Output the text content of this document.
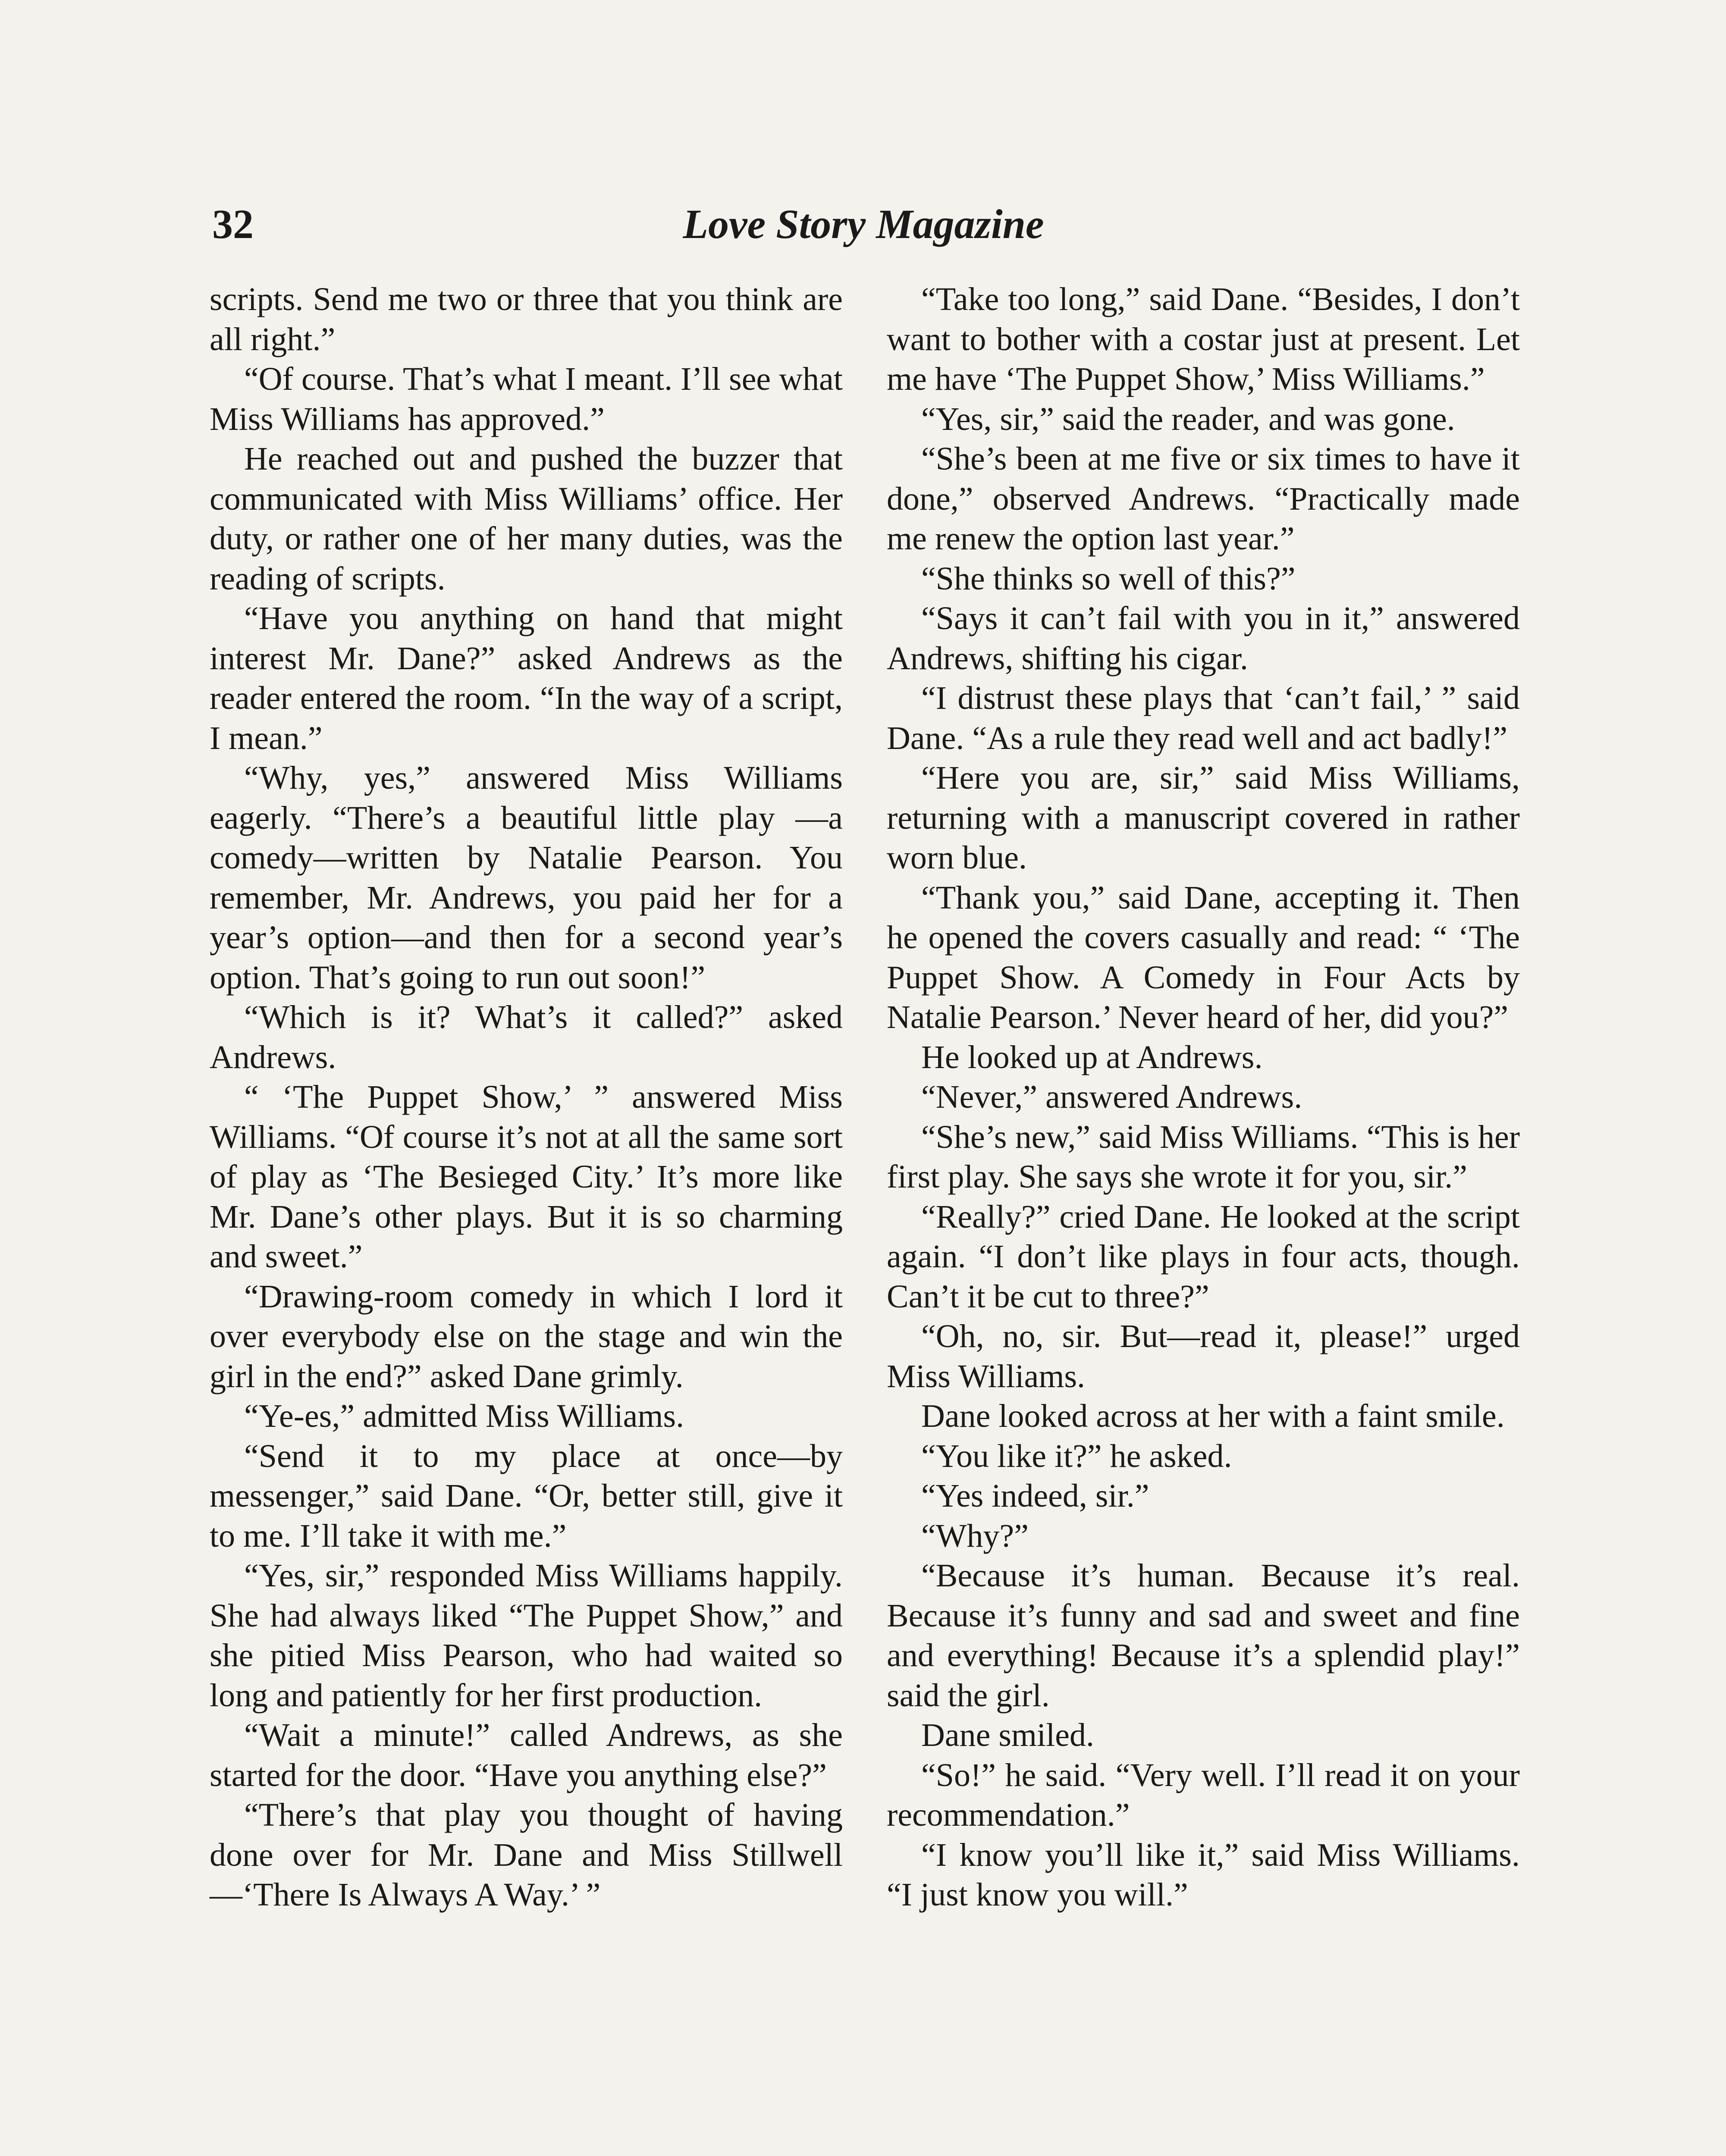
32	Love Story Magazine

scripts. Send me two or three that you think are all right.”

“Of course. That’s what I meant. I’ll see what Miss Williams has approved.”

He reached out and pushed the buzzer that communicated with Miss Williams’ office. Her duty, or rather one of her many duties, was the reading of scripts.

“Have you anything on hand that might interest Mr. Dane?” asked Andrews as the reader entered the room. “In the way of a script, I mean.”

“Why, yes,” answered Miss Williams eagerly. “There’s a beautiful little play —a comedy—written by Natalie Pearson. You remember, Mr. Andrews, you paid her for a year’s option—and then for a second year’s option. That’s going to run out soon!”

“Which is it? What’s it called?” asked Andrews.

“ ‘The Puppet Show,’ ” answered Miss Williams. “Of course it’s not at all the same sort of play as ‘The Besieged City.’ It’s more like Mr. Dane’s other plays. But it is so charming and sweet.”

“Drawing-room comedy in which I lord it over everybody else on the stage and win the girl in the end?” asked Dane grimly.

“Ye-es,” admitted Miss Williams.

“Send it to my place at once—by messenger,” said Dane. “Or, better still, give it to me. I’ll take it with me.”

“Yes, sir,” responded Miss Williams happily. She had always liked “The Puppet Show,” and she pitied Miss Pearson, who had waited so long and patiently for her first production.

“Wait a minute!” called Andrews, as she started for the door. “Have you anything else?”

“There’s that play you thought of having done over for Mr. Dane and Miss Stillwell—‘There Is Always A Way.’ ”

“Take too long,” said Dane. “Besides, I don’t want to bother with a costar just at present. Let me have ‘The Puppet Show,’ Miss Williams.”

“Yes, sir,” said the reader, and was gone.

“She’s been at me five or six times to have it done,” observed Andrews. “Practically made me renew the option last year.”

“She thinks so well of this?”

“Says it can’t fail with you in it,” answered Andrews, shifting his cigar.

“I distrust these plays that ‘can’t fail,’ ” said Dane. “As a rule they read well and act badly!”

“Here you are, sir,” said Miss Williams, returning with a manuscript covered in rather worn blue.

“Thank you,” said Dane, accepting it. Then he opened the covers casually and read: “ ‘The Puppet Show. A Comedy in Four Acts by Natalie Pearson.’ Never heard of her, did you?”

He looked up at Andrews.

“Never,” answered Andrews.

“She’s new,” said Miss Williams. “This is her first play. She says she wrote it for you, sir.”

“Really?” cried Dane. He looked at the script again. “I don’t like plays in four acts, though. Can’t it be cut to three?”

“Oh, no, sir. But—read it, please!” urged Miss Williams.

Dane looked across at her with a faint smile.

“You like it?” he asked.

“Yes indeed, sir.”

“Why?”

“Because it’s human. Because it’s real. Because it’s funny and sad and sweet and fine and everything! Because it’s a splendid play!” said the girl.

Dane smiled.

“So!” he said. “Very well. I’ll read it on your recommendation.”

“I know you’ll like it,” said Miss Williams. “I just know you will.”
